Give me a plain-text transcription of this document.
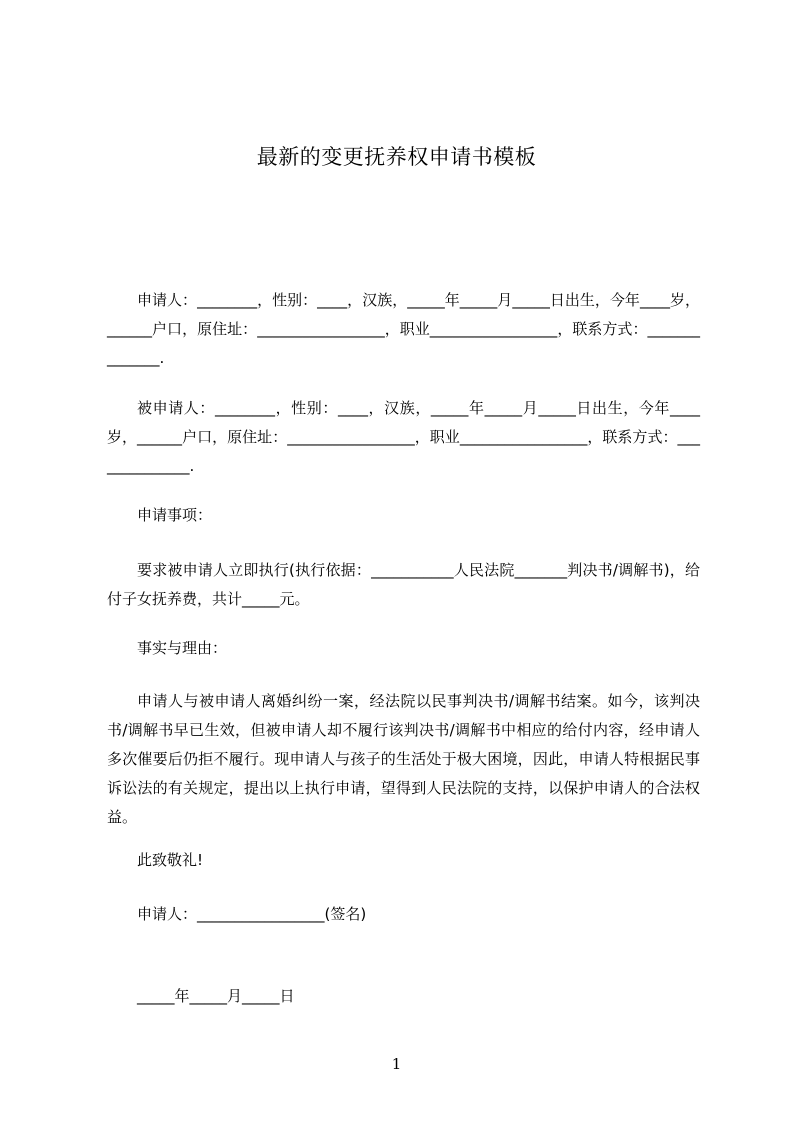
最新的变更抚养权申请书模板

申请人：________，性别：____，汉族，_____年_____月_____日出生，今年____岁，______户口，原住址：_________________，职业_________________，联系方式：______________.

被申请人：________，性别：____，汉族，_____年_____月_____日出生，今年____岁，______户口，原住址：_________________，职业_________________，联系方式：______________.

申请事项：

要求被申请人立即执行(执行依据：___________人民法院_______判决书/调解书)，给付子女抚养费，共计_____元。

事实与理由：

申请人与被申请人离婚纠纷一案，经法院以民事判决书/调解书结案。如今，该判决书/调解书早已生效，但被申请人却不履行该判决书/调解书中相应的给付内容，经申请人多次催要后仍拒不履行。现申请人与孩子的生活处于极大困境，因此，申请人特根据民事诉讼法的有关规定，提出以上执行申请，望得到人民法院的支持，以保护申请人的合法权益。

此致敬礼!

申请人：_________________(签名)

_____年_____月_____日

1
